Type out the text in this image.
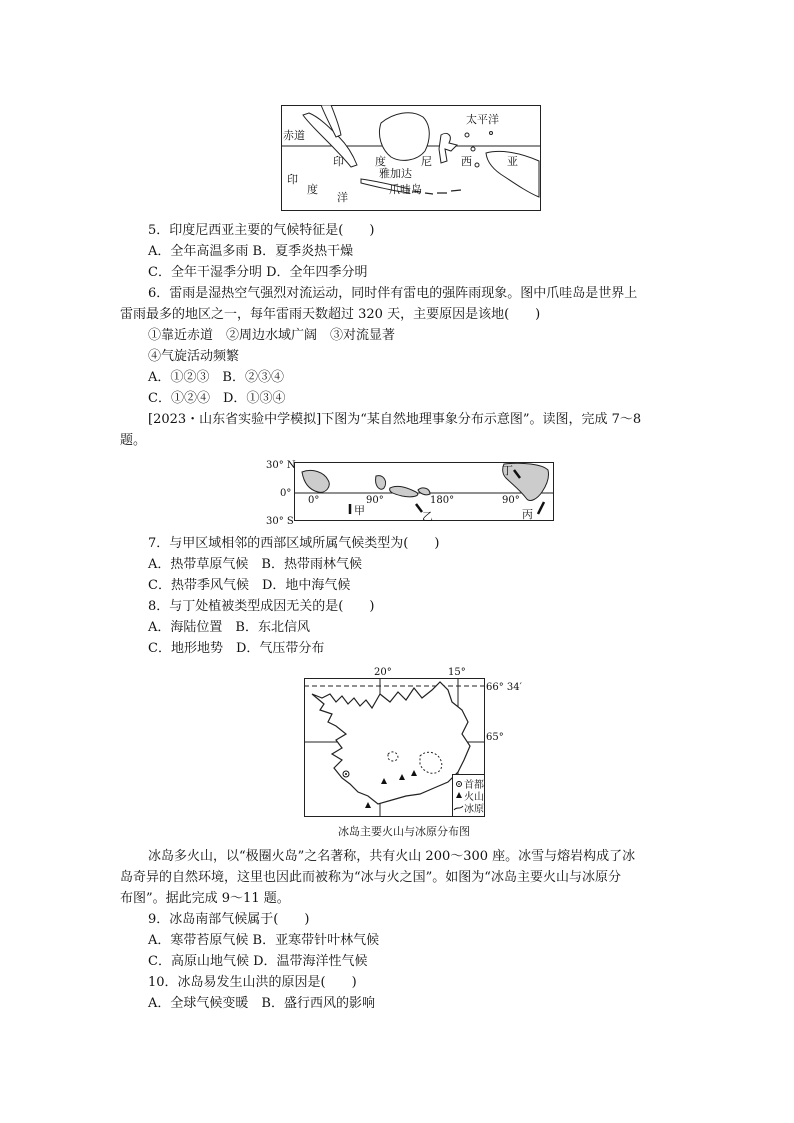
太平洋
赤道
印	度	尼	西	亚
雅加达
爪哇岛
印
度
洋
5．印度尼西亚主要的气候特征是(　　)
A．全年高温多雨 B．夏季炎热干燥
C．全年干湿季分明 D．全年四季分明
6．雷雨是湿热空气强烈对流运动，同时伴有雷电的强阵雨现象。图中爪哇岛是世界上
雷雨最多的地区之一，每年雷雨天数超过 320 天，主要原因是该地(　　)
①靠近赤道　②周边水域广阔　③对流显著
④气旋活动频繁
A．①②③　B．②③④
C．①②④　D．①③④
[2023・山东省实验中学模拟]下图为“某自然地理事象分布示意图”。读图，完成 7～8
题。
30° N
0°
30° S
0°	90°	180°	90°
甲	乙	丙
丁
7．与甲区域相邻的西部区域所属气候类型为(　　)
A．热带草原气候　B．热带雨林气候
C．热带季风气候　D．地中海气候
8．与丁处植被类型成因无关的是(　　)
A．海陆位置　B．东北信风
C．地形地势　D．气压带分布
首都
火山
冰原
20°	15°
66° 34′
65°
冰岛主要火山与冰原分布图
冰岛多火山，以“极圈火岛”之名著称，共有火山 200～300 座。冰雪与熔岩构成了冰
岛奇异的自然环境，这里也因此而被称为“冰与火之国”。如图为“冰岛主要火山与冰原分
布图”。据此完成 9～11 题。
9．冰岛南部气候属于(　　)
A．寒带苔原气候 B．亚寒带针叶林气候
C．高原山地气候 D．温带海洋性气候
10．冰岛易发生山洪的原因是(　　)
A．全球气候变暖　B．盛行西风的影响
